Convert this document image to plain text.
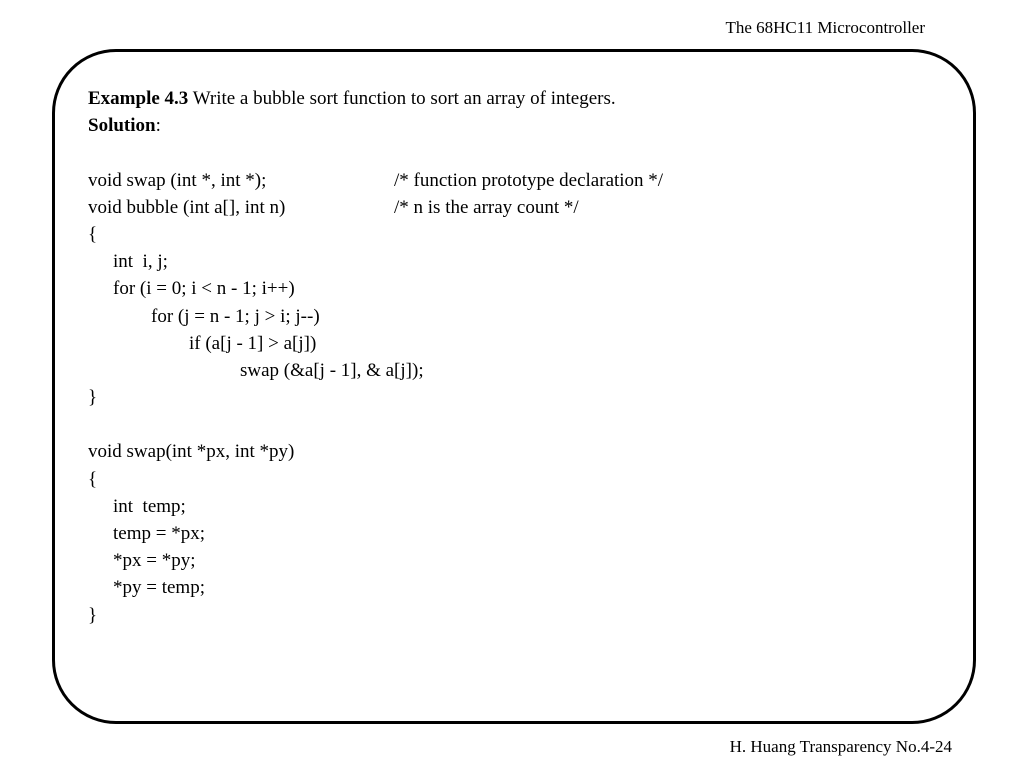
The 68HC11 Microcontroller
Example 4.3 Write a bubble sort function to sort an array of integers.
Solution:
void swap (int *, int *);	/* function prototype declaration */
void bubble (int a[], int n)	/* n is the array count */
{
int  i, j;
for (i = 0; i < n - 1; i++)
for (j = n - 1; j > i; j--)
if (a[j - 1] > a[j])
swap (&a[j - 1], & a[j]);
}
void swap(int *px, int *py)
{
int  temp;
temp = *px;
*px = *py;
*py = temp;
}
H. Huang Transparency No.4-24
